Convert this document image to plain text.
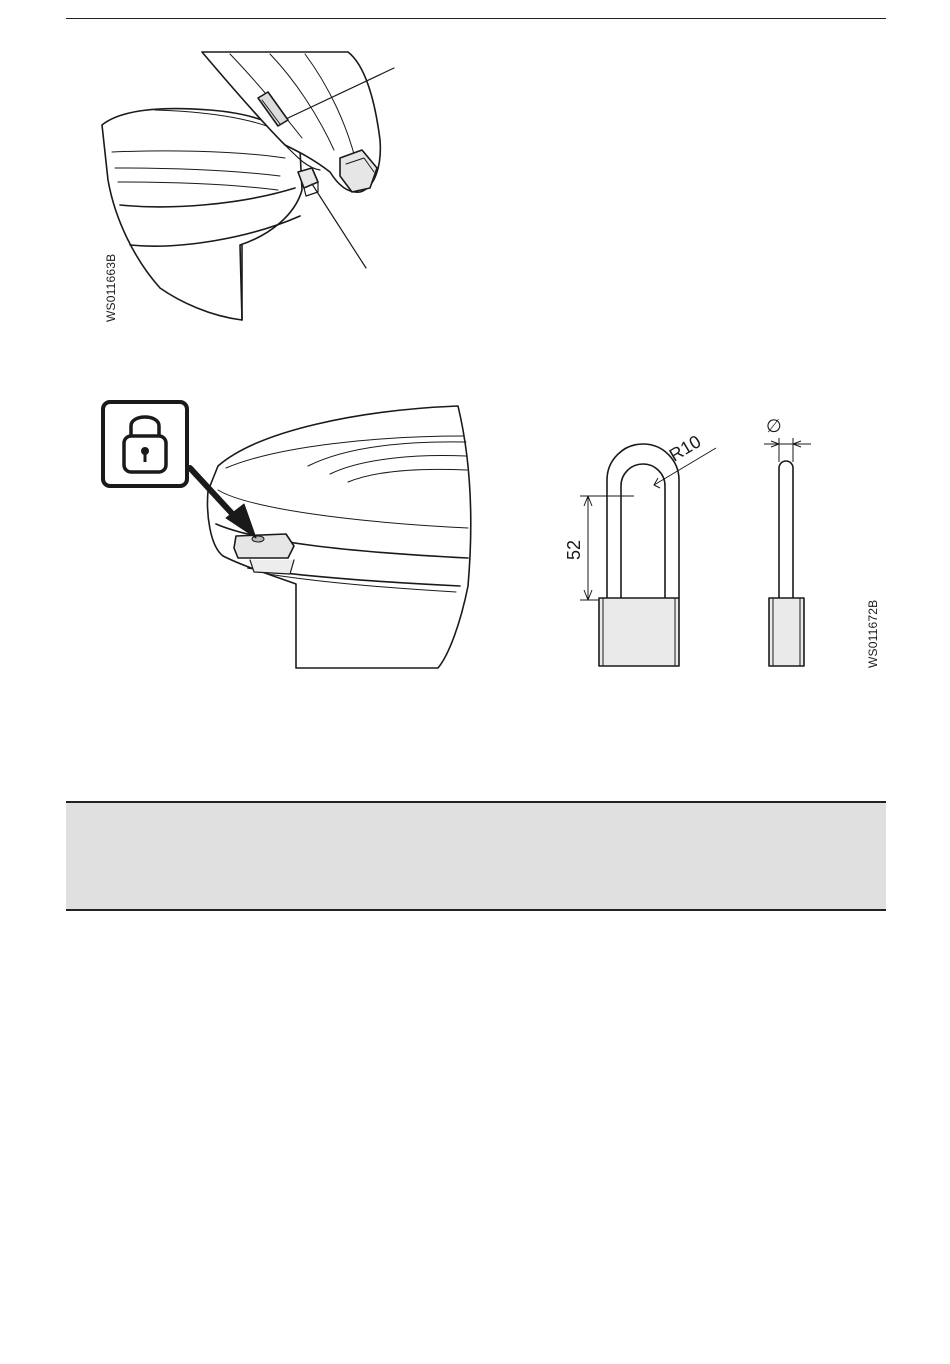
WS011663B
52
R10
∅
WS011672B
